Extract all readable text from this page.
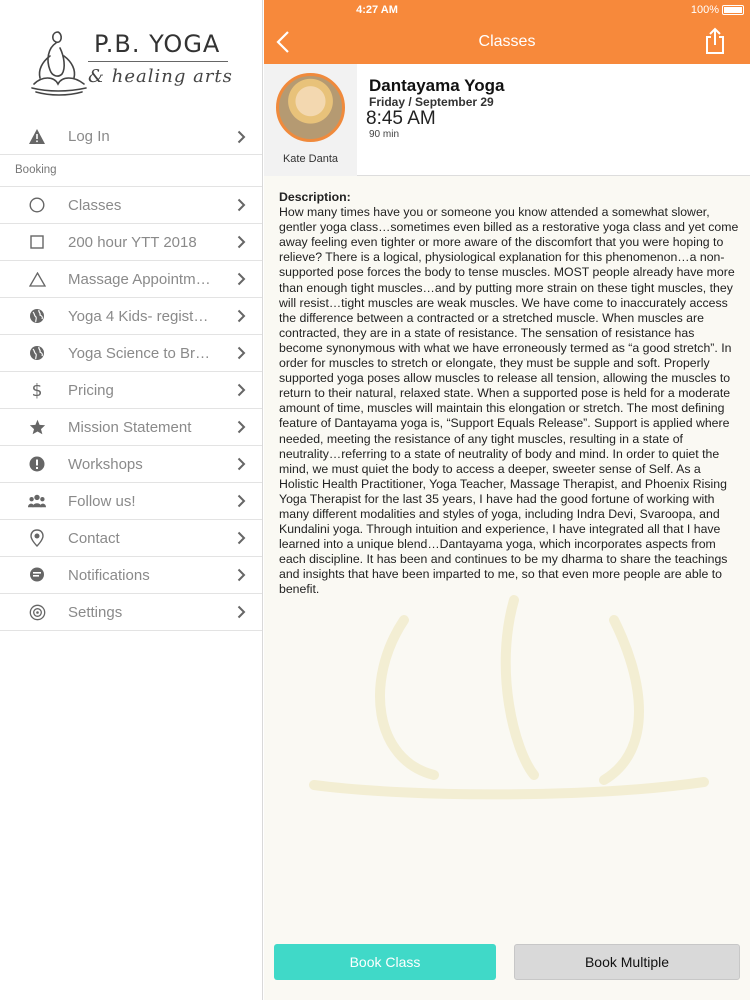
P.B. YOGA
& healing arts
Log In
Booking
Classes
200 hour YTT 2018
Massage Appointm…
Yoga 4 Kids- regist…
Yoga Science to Br…
$ Pricing
Mission Statement
Workshops
Follow us!
Contact
Notifications
Settings
4:27 AM	100%
Classes
Kate Danta
Dantayama Yoga
Friday / September 29
8:45 AM
90 min
Description:
How many times have you or someone you know attended a somewhat slower, gentler yoga class…sometimes even billed as a restorative yoga class and yet come away feeling even tighter or more aware of the discomfort that you were hoping to relieve? There is a logical, physiological explanation for this phenomenon…a non-supported pose forces the body to tense muscles. MOST people already have more than enough tight muscles…and by putting more strain on these tight muscles, they will resist…tight muscles are weak muscles. We have come to inaccurately access the difference between a contracted or a stretched muscle. When muscles are contracted, they are in a state of resistance. The sensation of resistance has become synonymous with what we have erroneously termed as “a good stretch”. In order for muscles to stretch or elongate, they must be supple and soft. Properly supported yoga poses allow muscles to release all tension, allowing the muscles to return to their natural, relaxed state. When a supported pose is held for a moderate amount of time, muscles will maintain this elongation or stretch. The most defining feature of Dantayama yoga is, “Support Equals Release”. Support is applied where needed, meeting the resistance of any tight muscles, resulting in a state of neutrality…referring to a state of neutrality of body and mind. In order to quiet the mind, we must quiet the body to access a deeper, sweeter sense of Self. As a Holistic Health Practitioner, Yoga Teacher, Massage Therapist, and Phoenix Rising Yoga Therapist for the last 35 years, I have had the good fortune of working with many different modalities and styles of yoga, including Indra Devi, Svaroopa, and Kundalini yoga. Through intuition and experience, I have integrated all that I have learned into a unique blend…Dantayama yoga, which incorporates aspects from each discipline. It has been and continues to be my dharma to share the teachings and insights that have been imparted to me, so that even more people are able to benefit.
Book Class	Book Multiple
